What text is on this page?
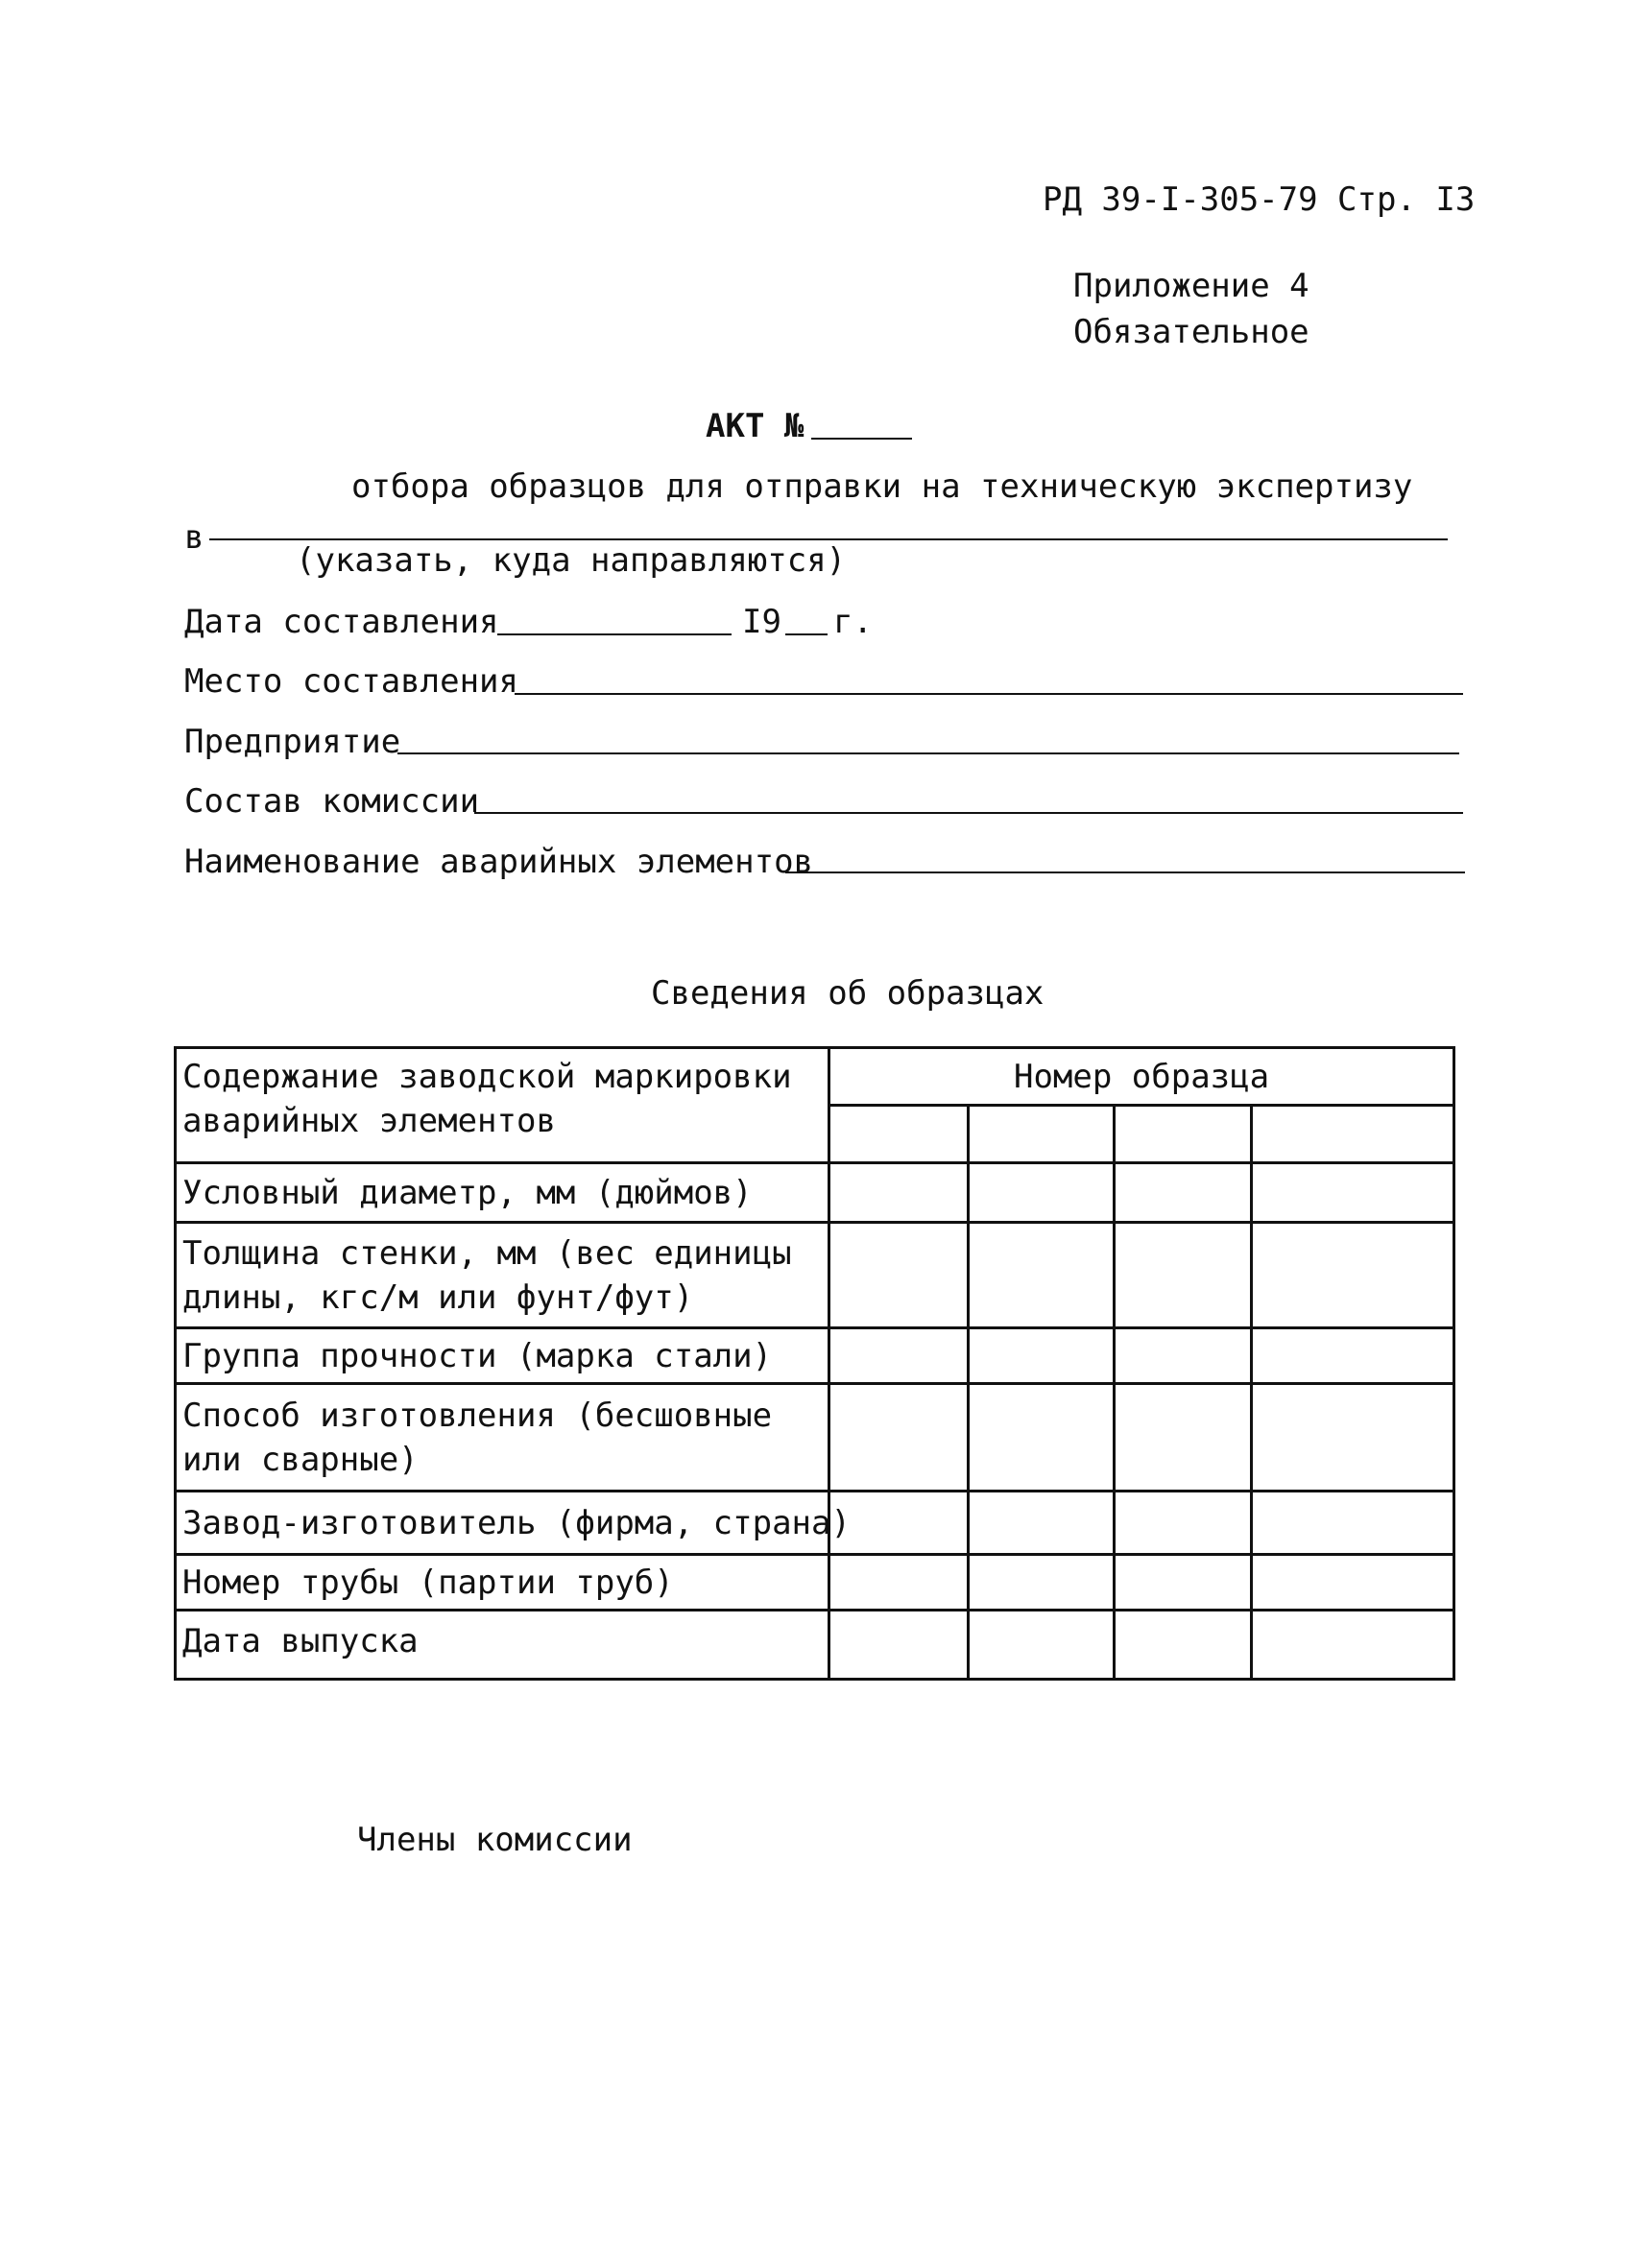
РД 39-I-305-79 Стр. I3
Приложение 4
Обязательное
АКТ №
отбора образцов для отправки на техническую экспертизу
в
(указать, куда направляются)
Дата составления	I9 г.
Место составления
Предприятие
Состав комиссии
Наименование аварийных элементов
Сведения об образцах
Содержание заводской маркировки аварийных элементов	Номер образца			

Условный диаметр, мм (дюймов)				
Толщина стенки, мм (вес единицы длины, кгс/м или фунт/фут)				
Группа прочности (марка стали)				
Способ изготовления (бесшовные или сварные)				
Завод-изготовитель (фирма, страна)				
Номер трубы (партии труб)				
Дата выпуска				
Члены комиссии
